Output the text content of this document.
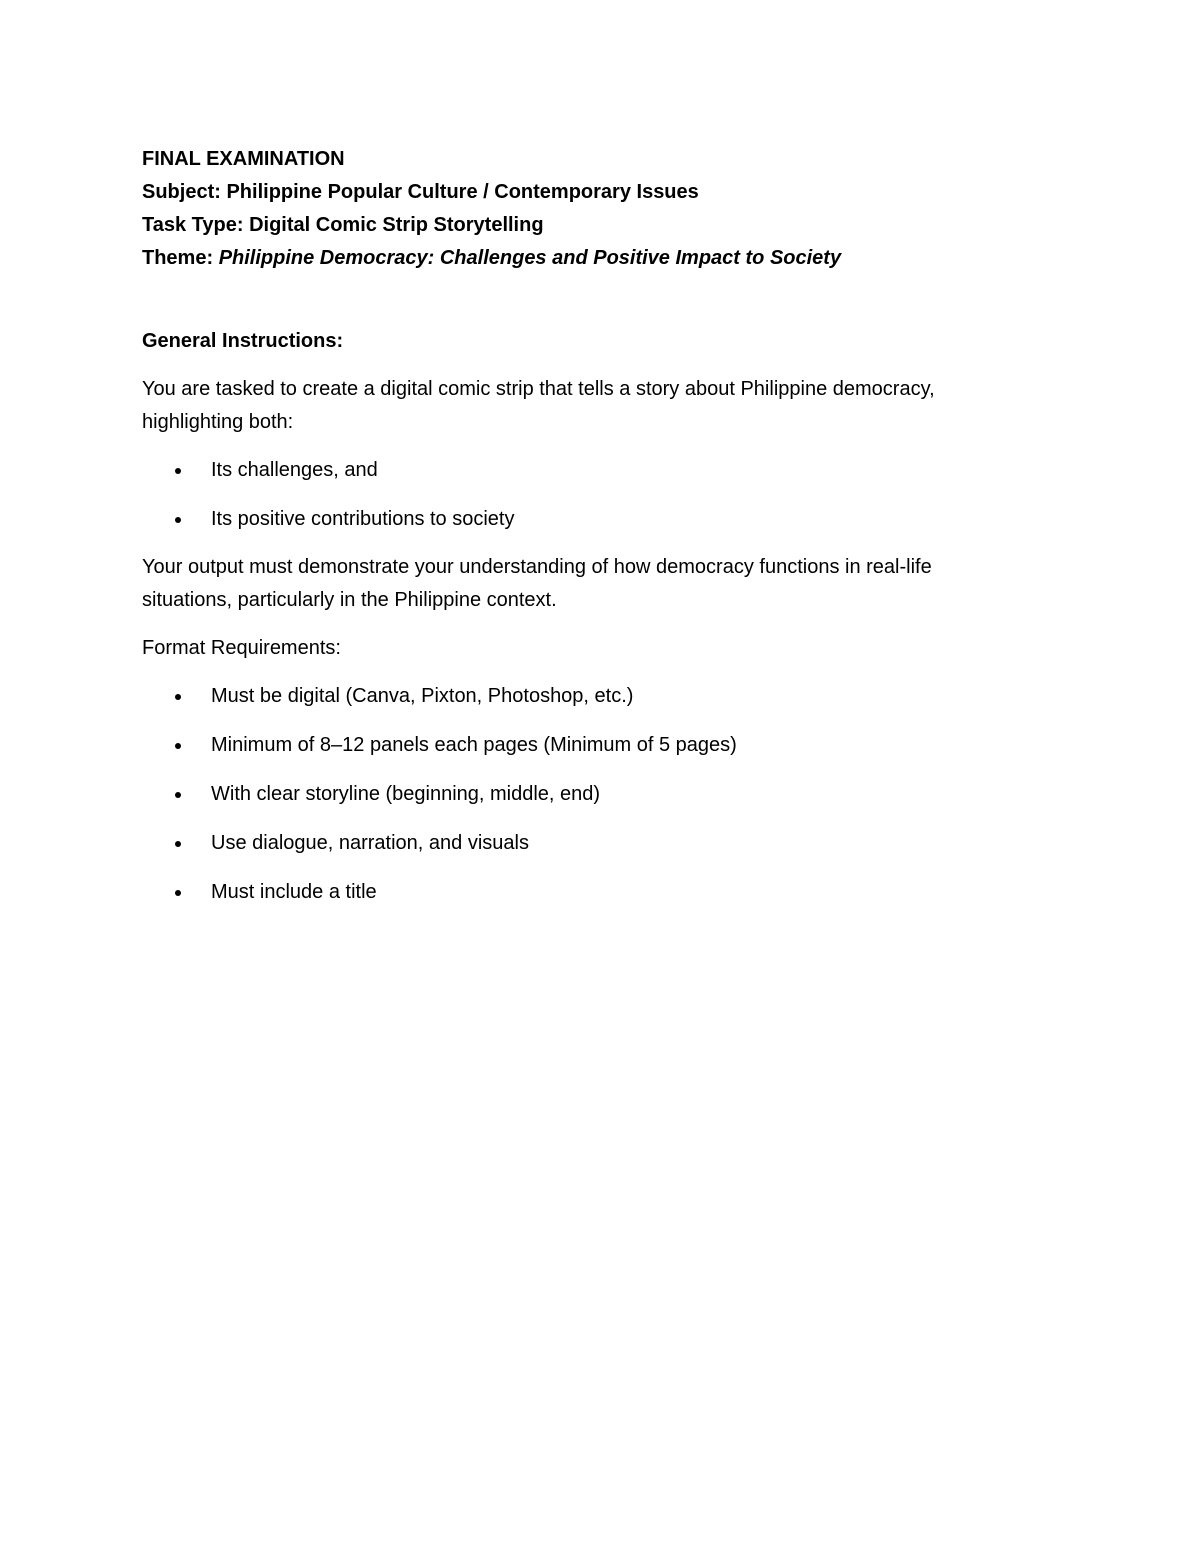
FINAL EXAMINATION

Subject: Philippine Popular Culture / Contemporary Issues

Task Type: Digital Comic Strip Storytelling

Theme: Philippine Democracy: Challenges and Positive Impact to Society

General Instructions:

You are tasked to create a digital comic strip that tells a story about Philippine democracy,
highlighting both:

Its challenges, and
Its positive contributions to society

Your output must demonstrate your understanding of how democracy functions in real-life
situations, particularly in the Philippine context.

Format Requirements:

Must be digital (Canva, Pixton, Photoshop, etc.)
Minimum of 8–12 panels each pages (Minimum of 5 pages)
With clear storyline (beginning, middle, end)
Use dialogue, narration, and visuals
Must include a title
